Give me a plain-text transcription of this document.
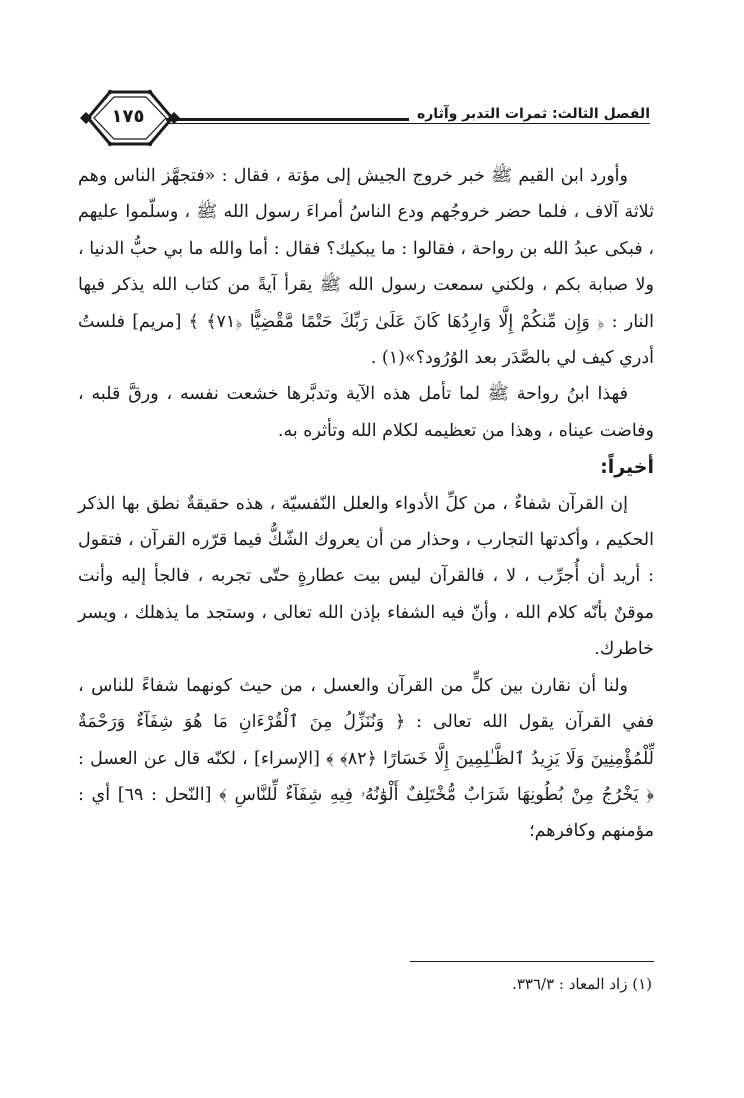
١٧٥	الفصل الثالث: ثمرات التدبر وآثاره

وأورد ابن القيم ﷺ خبر خروج الجيش إلى مؤتة ، فقال : «فتجهَّز الناس وهم ثلاثة آلاف ، فلما حضر خروجُهم ودع الناسُ أمراءَ رسول الله ﷺ ، وسلّموا عليهم ، فبكى عبدُ الله بن رواحة ، فقالوا : ما يبكيك؟ فقال : أما والله ما بي حبُّ الدنيا ، ولا صبابة بكم ، ولكني سمعت رسول الله ﷺ يقرأ آيةً من كتاب الله يذكر فيها النار : ﴿ وَإِن مِّنكُمْ إِلَّا وَارِدُهَا كَانَ عَلَىٰ رَبِّكَ حَتْمًا مَّقْضِيًّا ﴿٧١﴾ ﴾ [مريم] فلستُ أدري كيف لي بالصَّدَر بعد الوُرُود؟»(١) .

فهذا ابنُ رواحة ﷺ لما تأمل هذه الآية وتدبَّرها خشعت نفسه ، ورقَّ قلبه ، وفاضت عيناه ، وهذا من تعظيمه لكلام الله وتأثره به.

أخيراً:

إن القرآن شفاءٌ ، من كلِّ الأدواء والعلل النّفسيّة ، هذه حقيقةٌ نطق بها الذكر الحكيم ، وأكدتها التجارب ، وحذار من أن يعروك الشّكُّ فيما قرّره القرآن ، فتقول : أريد أن أُجرِّب ، لا ، فالقرآن ليس بيت عطارةٍ حتّى تجربه ، فالجأ إليه وأنت موقنٌ بأنّه كلام الله ، وأنّ فيه الشفاء بإذن الله تعالى ، وستجد ما يذهلك ، ويسر خاطرك.

ولنا أن نقارن بين كلٍّ من القرآن والعسل ، من حيث كونهما شفاءً للناس ، ففي القرآن يقول الله تعالى : ﴿ وَنُنَزِّلُ مِنَ ٱلْقُرْءَانِ مَا هُوَ شِفَآءٌ وَرَحْمَةٌ لِّلْمُؤْمِنِينَ وَلَا يَزِيدُ ٱلظَّـٰلِمِينَ إِلَّا خَسَارًا ﴿٨٢﴾ ﴾ [الإسراء] ، لكنّه قال عن العسل : ﴿ يَخْرُجُ مِنْ بُطُونِهَا شَرَابٌ مُّخْتَلِفٌ أَلْوَٰنُهُۥ فِيهِ شِفَآءٌ لِّلنَّاسِ ﴾ [النّحل : ٦٩] أي : مؤمنهم وكافرهم؛

(١) زاد المعاد : ٣٣٦/٣.
